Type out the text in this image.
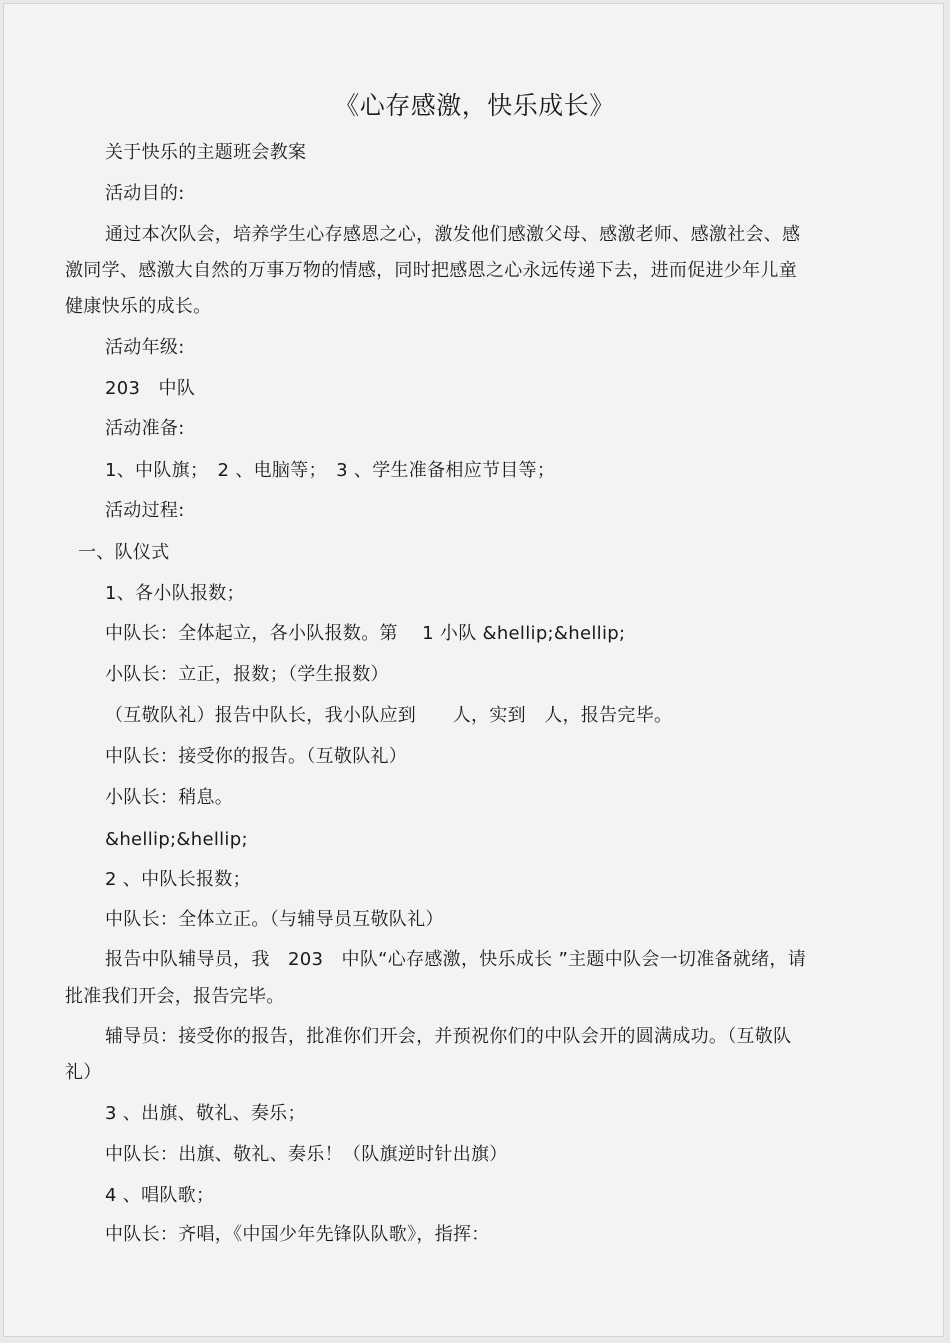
《心存感激，快乐成长》
关于快乐的主题班会教案
活动目的:
通过本次队会，培养学生心存感恩之心，激发他们感激父母、感激老师、感激社会、感
激同学、感激大自然的万事万物的情感，同时把感恩之心永远传递下去，进而促进少年儿童
健康快乐的成长。
活动年级:
203　中队
活动准备:
1、中队旗；　2 、电脑等；　3 、学生准备相应节目等；
活动过程:
一、队仪式
1、各小队报数；
中队长：全体起立，各小队报数。第　 1 小队 &hellip;&hellip;
小队长：立正，报数；（学生报数）
（互敬队礼）报告中队长，我小队应到　　人，实到　人，报告完毕。
中队长：接受你的报告。（互敬队礼）
小队长：稍息。
&hellip;&hellip;
2 、中队长报数；
中队长：全体立正。（与辅导员互敬队礼）
报告中队辅导员，我　203　中队“心存感激，快乐成长 ”主题中队会一切准备就绪，请
批准我们开会，报告完毕。
辅导员：接受你的报告，批准你们开会，并预祝你们的中队会开的圆满成功。（互敬队
礼）
3 、出旗、敬礼、奏乐；
中队长：出旗、敬礼、奏乐！（队旗逆时针出旗）
4 、唱队歌；
中队长：齐唱，《中国少年先锋队队歌》，指挥：
